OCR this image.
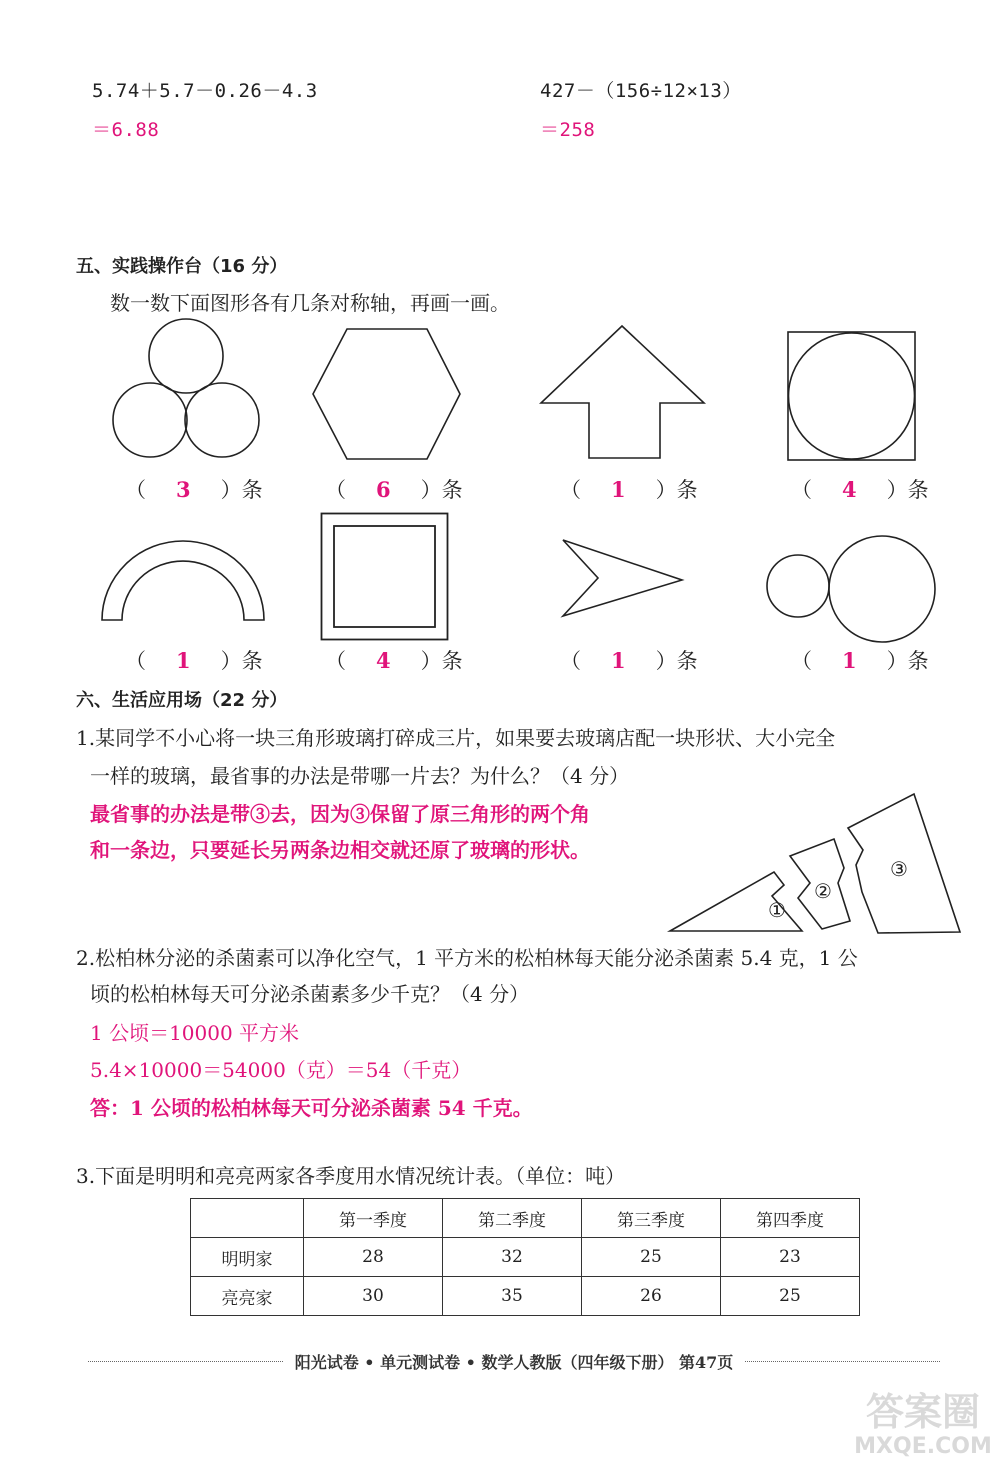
5.74＋5.7－0.26－4.3
＝6.88
427－（156÷12×13）
＝258
五、实践操作台（16 分）
数一数下面图形各有几条对称轴，再画一画。
（ 3 ）条	（ 6 ）条	（ 1 ）条	（ 4 ）条
（ 1 ）条	（ 4 ）条	（ 1 ）条	（ 1 ）条
六、生活应用场（22 分）
1.某同学不小心将一块三角形玻璃打碎成三片，如果要去玻璃店配一块形状、大小完全
一样的玻璃，最省事的办法是带哪一片去？为什么？（4 分）
最省事的办法是带③去，因为③保留了原三角形的两个角
和一条边，只要延长另两条边相交就还原了玻璃的形状。
①
②
③
2.松柏林分泌的杀菌素可以净化空气，1 平方米的松柏林每天能分泌杀菌素 5.4 克，1 公
顷的松柏林每天可分泌杀菌素多少千克？（4 分）
1 公顷＝10000 平方米
5.4×10000＝54000（克）＝54（千克）
答：1 公顷的松柏林每天可分泌杀菌素 54 千克。
3.下面是明明和亮亮两家各季度用水情况统计表。（单位：吨）
	第一季度	第二季度	第三季度	第四季度
明明家	28	32	25	23
亮亮家	30	35	26	25
阳光试卷 • 单元测试卷 • 数学人教版（四年级下册） 第47页
答案圈
MXQE.COM
